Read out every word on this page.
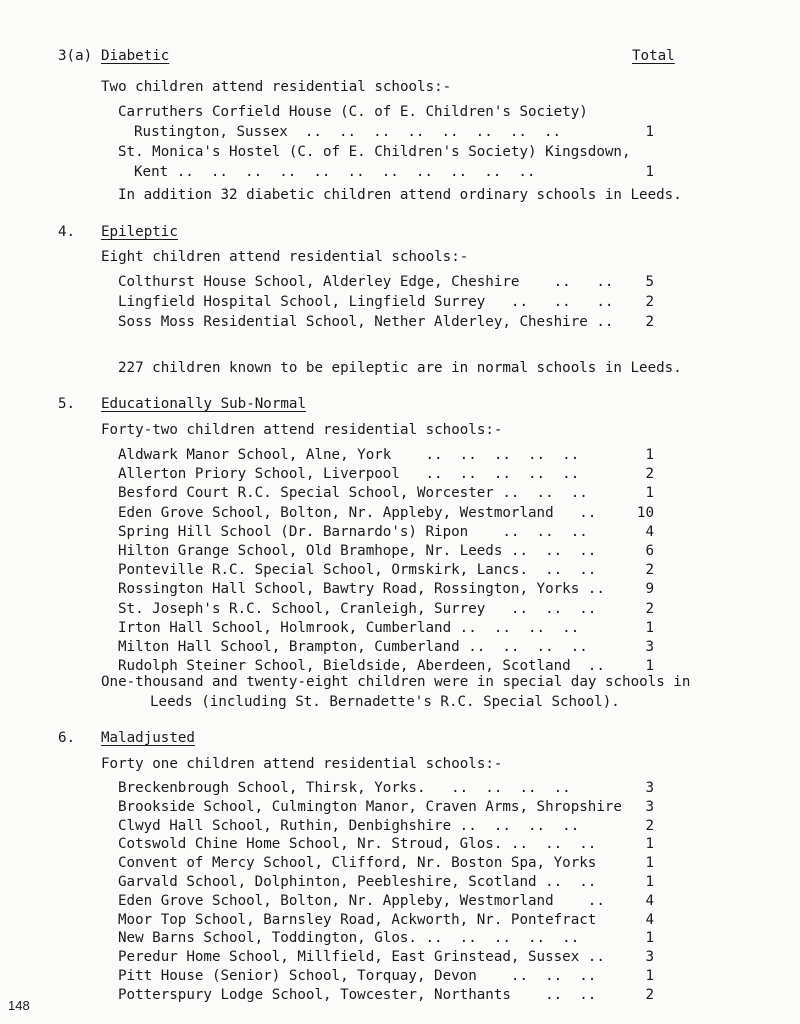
3(a) Diabetic	Total
Two children attend residential schools:-
Carruthers Corfield House (C. of E. Children's Society)
Rustington, Sussex  ..  ..  ..  ..  ..  ..  ..  ..	1
St. Monica's Hostel (C. of E. Children's Society) Kingsdown,
Kent ..  ..  ..  ..  ..  ..  ..  ..  ..  ..  ..	1
In addition 32 diabetic children attend ordinary schools in Leeds.
4. Epileptic
Eight children attend residential schools:-
Colthurst House School, Alderley Edge, Cheshire    ..   ..	5
Lingfield Hospital School, Lingfield Surrey   ..   ..   ..	2
Soss Moss Residential School, Nether Alderley, Cheshire ..	2
227 children known to be epileptic are in normal schools in Leeds.
5. Educationally Sub-Normal
Forty-two children attend residential schools:-
Aldwark Manor School, Alne, York    ..  ..  ..  ..  ..	1
Allerton Priory School, Liverpool   ..  ..  ..  ..  ..	2
Besford Court R.C. Special School, Worcester ..  ..  ..	1
Eden Grove School, Bolton, Nr. Appleby, Westmorland   ..	10
Spring Hill School (Dr. Barnardo's) Ripon    ..  ..  ..	4
Hilton Grange School, Old Bramhope, Nr. Leeds ..  ..  ..	6
Ponteville R.C. Special School, Ormskirk, Lancs.  ..  ..	2
Rossington Hall School, Bawtry Road, Rossington, Yorks ..	9
St. Joseph's R.C. School, Cranleigh, Surrey   ..  ..  ..	2
Irton Hall School, Holmrook, Cumberland ..  ..  ..  ..	1
Milton Hall School, Brampton, Cumberland ..  ..  ..  ..	3
Rudolph Steiner School, Bieldside, Aberdeen, Scotland  ..	1
One-thousand and twenty-eight children were in special day schools in
Leeds (including St. Bernadette's R.C. Special School).
6. Maladjusted
Forty one children attend residential schools:-
Breckenbrough School, Thirsk, Yorks.   ..  ..  ..  ..	3
Brookside School, Culmington Manor, Craven Arms, Shropshire	3
Clwyd Hall School, Ruthin, Denbighshire ..  ..  ..  ..	2
Cotswold Chine Home School, Nr. Stroud, Glos. ..  ..  ..	1
Convent of Mercy School, Clifford, Nr. Boston Spa, Yorks	1
Garvald School, Dolphinton, Peebleshire, Scotland ..  ..	1
Eden Grove School, Bolton, Nr. Appleby, Westmorland    ..	4
Moor Top School, Barnsley Road, Ackworth, Nr. Pontefract	4
New Barns School, Toddington, Glos. ..  ..  ..  ..  ..	1
Peredur Home School, Millfield, East Grinstead, Sussex ..	3
Pitt House (Senior) School, Torquay, Devon    ..  ..  ..	1
Potterspury Lodge School, Towcester, Northants    ..  ..	2
148
